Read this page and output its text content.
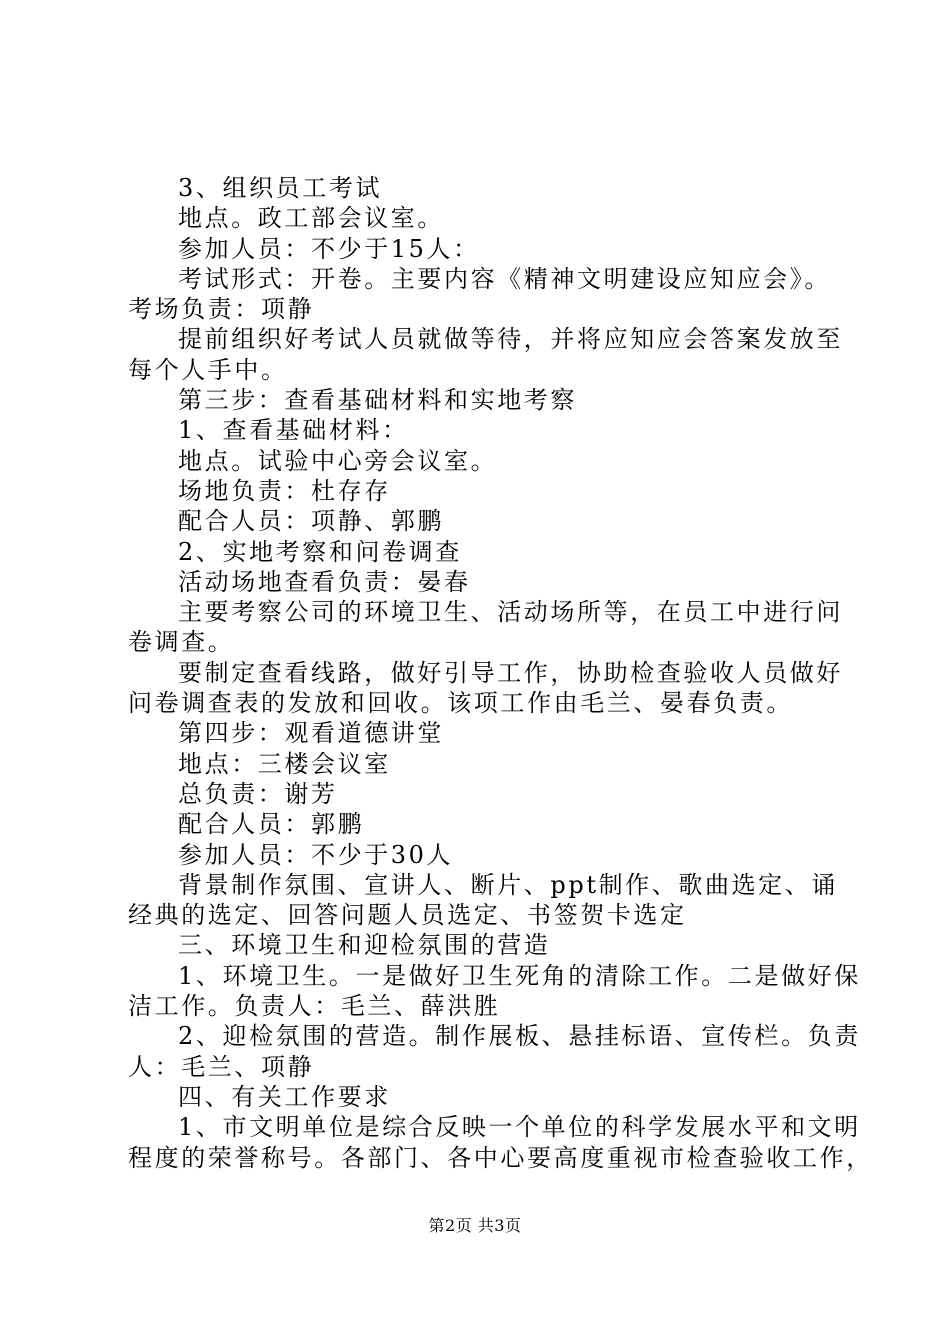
3、组织员工考试

地点。政工部会议室。

参加人员：不少于15人：

考试形式：开卷。主要内容《精神文明建设应知应会》。

考场负责：项静

提前组织好考试人员就做等待，并将应知应会答案发放至

每个人手中。

第三步：查看基础材料和实地考察

1、查看基础材料：

地点。试验中心旁会议室。

场地负责：杜存存

配合人员：项静、郭鹏

2、实地考察和问卷调查

活动场地查看负责：晏春

主要考察公司的环境卫生、活动场所等，在员工中进行问

卷调查。

要制定查看线路，做好引导工作，协助检查验收人员做好

问卷调查表的发放和回收。该项工作由毛兰、晏春负责。

第四步：观看道德讲堂

地点：三楼会议室

总负责：谢芳

配合人员：郭鹏

参加人员：不少于30人

背景制作氛围、宣讲人、断片、ppt制作、歌曲选定、诵

经典的选定、回答问题人员选定、书签贺卡选定

三、环境卫生和迎检氛围的营造

1、环境卫生。一是做好卫生死角的清除工作。二是做好保

洁工作。负责人：毛兰、薛洪胜

2、迎检氛围的营造。制作展板、悬挂标语、宣传栏。负责

人：毛兰、项静

四、有关工作要求

1、市文明单位是综合反映一个单位的科学发展水平和文明

程度的荣誉称号。各部门、各中心要高度重视市检查验收工作，

第2页 共3页
